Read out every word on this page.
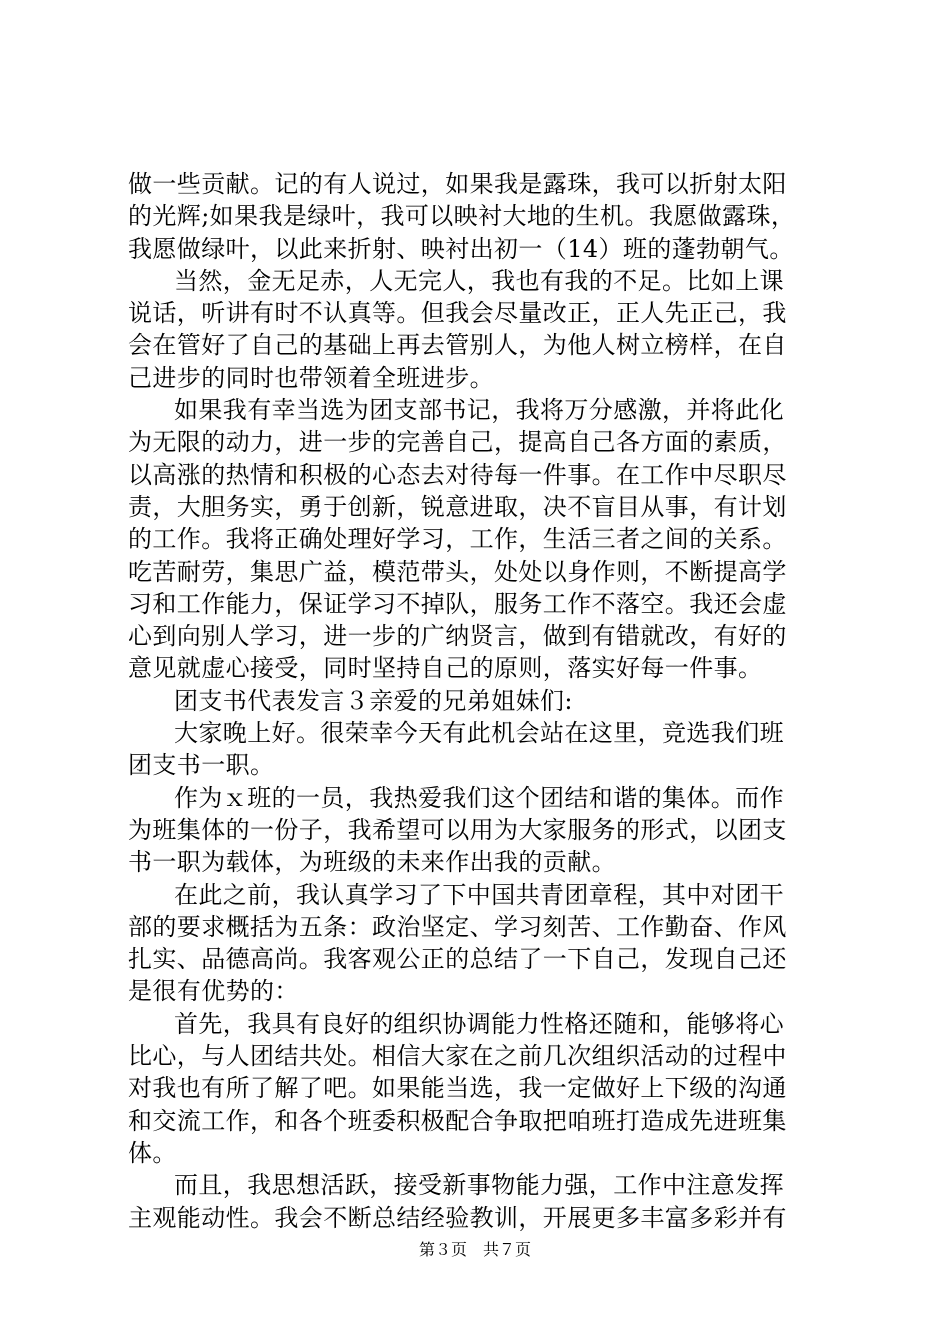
做一些贡献。记的有人说过，如果我是露珠，我可以折射太阳
的光辉;如果我是绿叶，我可以映衬大地的生机。我愿做露珠，
我愿做绿叶，以此来折射、映衬出初一（14）班的蓬勃朝气。
当然，金无足赤，人无完人，我也有我的不足。比如上课
说话，听讲有时不认真等。但我会尽量改正，正人先正己，我
会在管好了自己的基础上再去管别人，为他人树立榜样，在自
己进步的同时也带领着全班进步。
如果我有幸当选为团支部书记，我将万分感激，并将此化
为无限的动力，进一步的完善自己，提高自己各方面的素质，
以高涨的热情和积极的心态去对待每一件事。在工作中尽职尽
责，大胆务实，勇于创新，锐意进取，决不盲目从事，有计划
的工作。我将正确处理好学习，工作，生活三者之间的关系。
吃苦耐劳，集思广益，模范带头，处处以身作则，不断提高学
习和工作能力，保证学习不掉队，服务工作不落空。我还会虚
心到向别人学习，进一步的广纳贤言，做到有错就改，有好的
意见就虚心接受，同时坚持自己的原则，落实好每一件事。
团支书代表发言３亲爱的兄弟姐妹们:
大家晚上好。很荣幸今天有此机会站在这里，竞选我们班
团支书一职。
作为ｘ班的一员，我热爱我们这个团结和谐的集体。而作
为班集体的一份子，我希望可以用为大家服务的形式，以团支
书一职为载体，为班级的未来作出我的贡献。
在此之前，我认真学习了下中国共青团章程，其中对团干
部的要求概括为五条：政治坚定、学习刻苦、工作勤奋、作风
扎实、品德高尚。我客观公正的总结了一下自己，发现自己还
是很有优势的：
首先，我具有良好的组织协调能力性格还随和，能够将心
比心，与人团结共处。相信大家在之前几次组织活动的过程中
对我也有所了解了吧。如果能当选，我一定做好上下级的沟通
和交流工作，和各个班委积极配合争取把咱班打造成先进班集
体。
而且，我思想活跃，接受新事物能力强，工作中注意发挥
主观能动性。我会不断总结经验教训，开展更多丰富多彩并有
第３页　共７页
